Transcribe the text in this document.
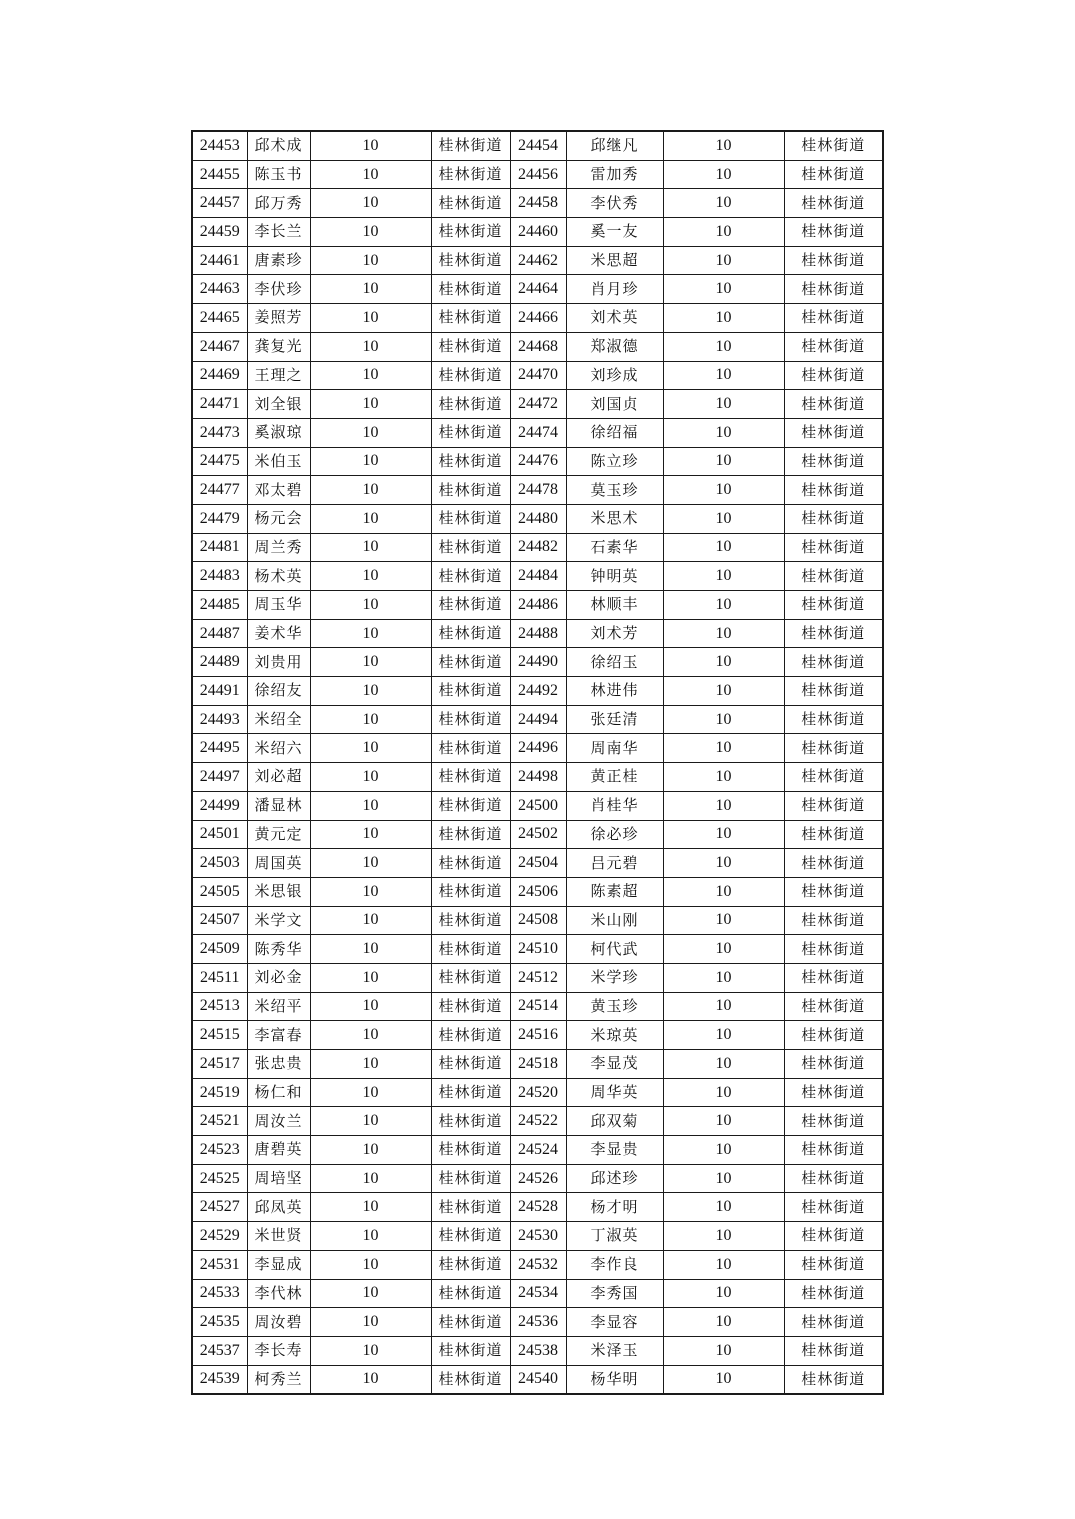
24453	邱术成	10	桂林街道	24454	邱继凡	10	桂林街道
24455	陈玉书	10	桂林街道	24456	雷加秀	10	桂林街道
24457	邱万秀	10	桂林街道	24458	李伏秀	10	桂林街道
24459	李长兰	10	桂林街道	24460	奚一友	10	桂林街道
24461	唐素珍	10	桂林街道	24462	米思超	10	桂林街道
24463	李伏珍	10	桂林街道	24464	肖月珍	10	桂林街道
24465	姜照芳	10	桂林街道	24466	刘术英	10	桂林街道
24467	龚复光	10	桂林街道	24468	郑淑德	10	桂林街道
24469	王理之	10	桂林街道	24470	刘珍成	10	桂林街道
24471	刘全银	10	桂林街道	24472	刘国贞	10	桂林街道
24473	奚淑琼	10	桂林街道	24474	徐绍福	10	桂林街道
24475	米伯玉	10	桂林街道	24476	陈立珍	10	桂林街道
24477	邓太碧	10	桂林街道	24478	莫玉珍	10	桂林街道
24479	杨元会	10	桂林街道	24480	米思术	10	桂林街道
24481	周兰秀	10	桂林街道	24482	石素华	10	桂林街道
24483	杨术英	10	桂林街道	24484	钟明英	10	桂林街道
24485	周玉华	10	桂林街道	24486	林顺丰	10	桂林街道
24487	姜术华	10	桂林街道	24488	刘术芳	10	桂林街道
24489	刘贵用	10	桂林街道	24490	徐绍玉	10	桂林街道
24491	徐绍友	10	桂林街道	24492	林进伟	10	桂林街道
24493	米绍全	10	桂林街道	24494	张廷清	10	桂林街道
24495	米绍六	10	桂林街道	24496	周南华	10	桂林街道
24497	刘必超	10	桂林街道	24498	黄正桂	10	桂林街道
24499	潘显林	10	桂林街道	24500	肖桂华	10	桂林街道
24501	黄元定	10	桂林街道	24502	徐必珍	10	桂林街道
24503	周国英	10	桂林街道	24504	吕元碧	10	桂林街道
24505	米思银	10	桂林街道	24506	陈素超	10	桂林街道
24507	米学文	10	桂林街道	24508	米山刚	10	桂林街道
24509	陈秀华	10	桂林街道	24510	柯代武	10	桂林街道
24511	刘必金	10	桂林街道	24512	米学珍	10	桂林街道
24513	米绍平	10	桂林街道	24514	黄玉珍	10	桂林街道
24515	李富春	10	桂林街道	24516	米琼英	10	桂林街道
24517	张忠贵	10	桂林街道	24518	李显茂	10	桂林街道
24519	杨仁和	10	桂林街道	24520	周华英	10	桂林街道
24521	周汝兰	10	桂林街道	24522	邱双菊	10	桂林街道
24523	唐碧英	10	桂林街道	24524	李显贵	10	桂林街道
24525	周培坚	10	桂林街道	24526	邱述珍	10	桂林街道
24527	邱凤英	10	桂林街道	24528	杨才明	10	桂林街道
24529	米世贤	10	桂林街道	24530	丁淑英	10	桂林街道
24531	李显成	10	桂林街道	24532	李作良	10	桂林街道
24533	李代林	10	桂林街道	24534	李秀国	10	桂林街道
24535	周汝碧	10	桂林街道	24536	李显容	10	桂林街道
24537	李长寿	10	桂林街道	24538	米泽玉	10	桂林街道
24539	柯秀兰	10	桂林街道	24540	杨华明	10	桂林街道
